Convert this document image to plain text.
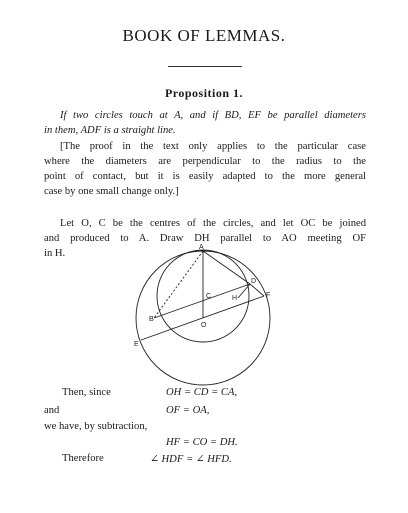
BOOK OF LEMMAS.
Proposition 1.
If two circles touch at A, and if BD, EF be parallel diameters
in them, ADF is a straight line.
[The proof in the text only applies to the particular case
where the diameters are perpendicular to the radius to the
point of contact, but it is easily adapted to the more general
case by one small change only.]
Let O, C be the centres of the circles, and let OC be joined
and produced to A. Draw DH parallel to AO meeting OF
in H.
A
D
H	F
C
B
O
E
Then, since	OH = CD = CA,
and	OF = OA,
we have, by subtraction,
HF = CO = DH.
Therefore	∠ HDF = ∠ HFD.
